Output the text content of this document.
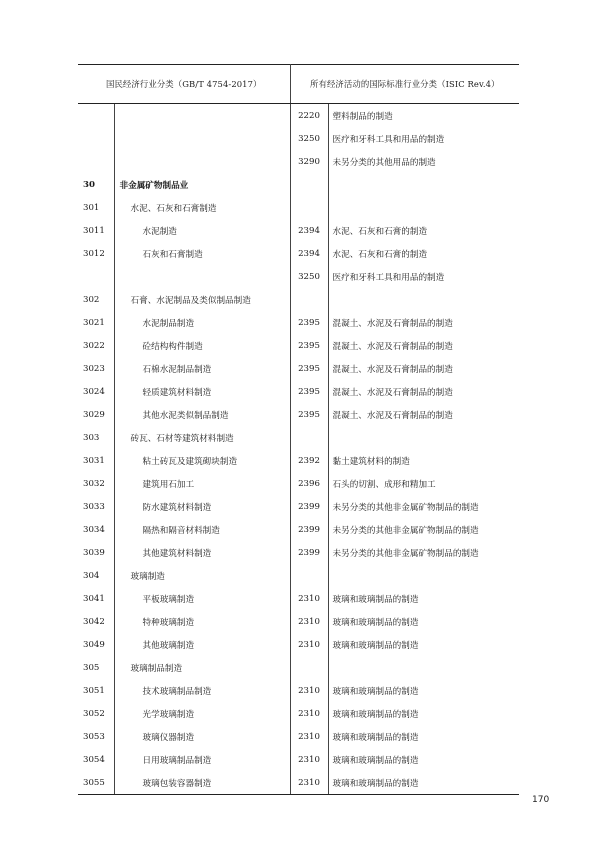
国民经济行业分类（GB/T 4754-2017）		所有经济活动的国际标准行业分类（ISIC Rev.4）	
		2220	塑料制品的制造
		3250	医疗和牙科工具和用品的制造
		3290	未另分类的其他用品的制造
30	非金属矿物制品业		
301	水泥、石灰和石膏制造		
3011	水泥制造	2394	水泥、石灰和石膏的制造
3012	石灰和石膏制造	2394	水泥、石灰和石膏的制造
		3250	医疗和牙科工具和用品的制造
302	石膏、水泥制品及类似制品制造		
3021	水泥制品制造	2395	混凝土、水泥及石膏制品的制造
3022	砼结构构件制造	2395	混凝土、水泥及石膏制品的制造
3023	石棉水泥制品制造	2395	混凝土、水泥及石膏制品的制造
3024	轻质建筑材料制造	2395	混凝土、水泥及石膏制品的制造
3029	其他水泥类似制品制造	2395	混凝土、水泥及石膏制品的制造
303	砖瓦、石材等建筑材料制造		
3031	粘土砖瓦及建筑砌块制造	2392	黏土建筑材料的制造
3032	建筑用石加工	2396	石头的切割、成形和精加工
3033	防水建筑材料制造	2399	未另分类的其他非金属矿物制品的制造
3034	隔热和隔音材料制造	2399	未另分类的其他非金属矿物制品的制造
3039	其他建筑材料制造	2399	未另分类的其他非金属矿物制品的制造
304	玻璃制造		
3041	平板玻璃制造	2310	玻璃和玻璃制品的制造
3042	特种玻璃制造	2310	玻璃和玻璃制品的制造
3049	其他玻璃制造	2310	玻璃和玻璃制品的制造
305	玻璃制品制造		
3051	技术玻璃制品制造	2310	玻璃和玻璃制品的制造
3052	光学玻璃制造	2310	玻璃和玻璃制品的制造
3053	玻璃仪器制造	2310	玻璃和玻璃制品的制造
3054	日用玻璃制品制造	2310	玻璃和玻璃制品的制造
3055	玻璃包装容器制造	2310	玻璃和玻璃制品的制造
170
